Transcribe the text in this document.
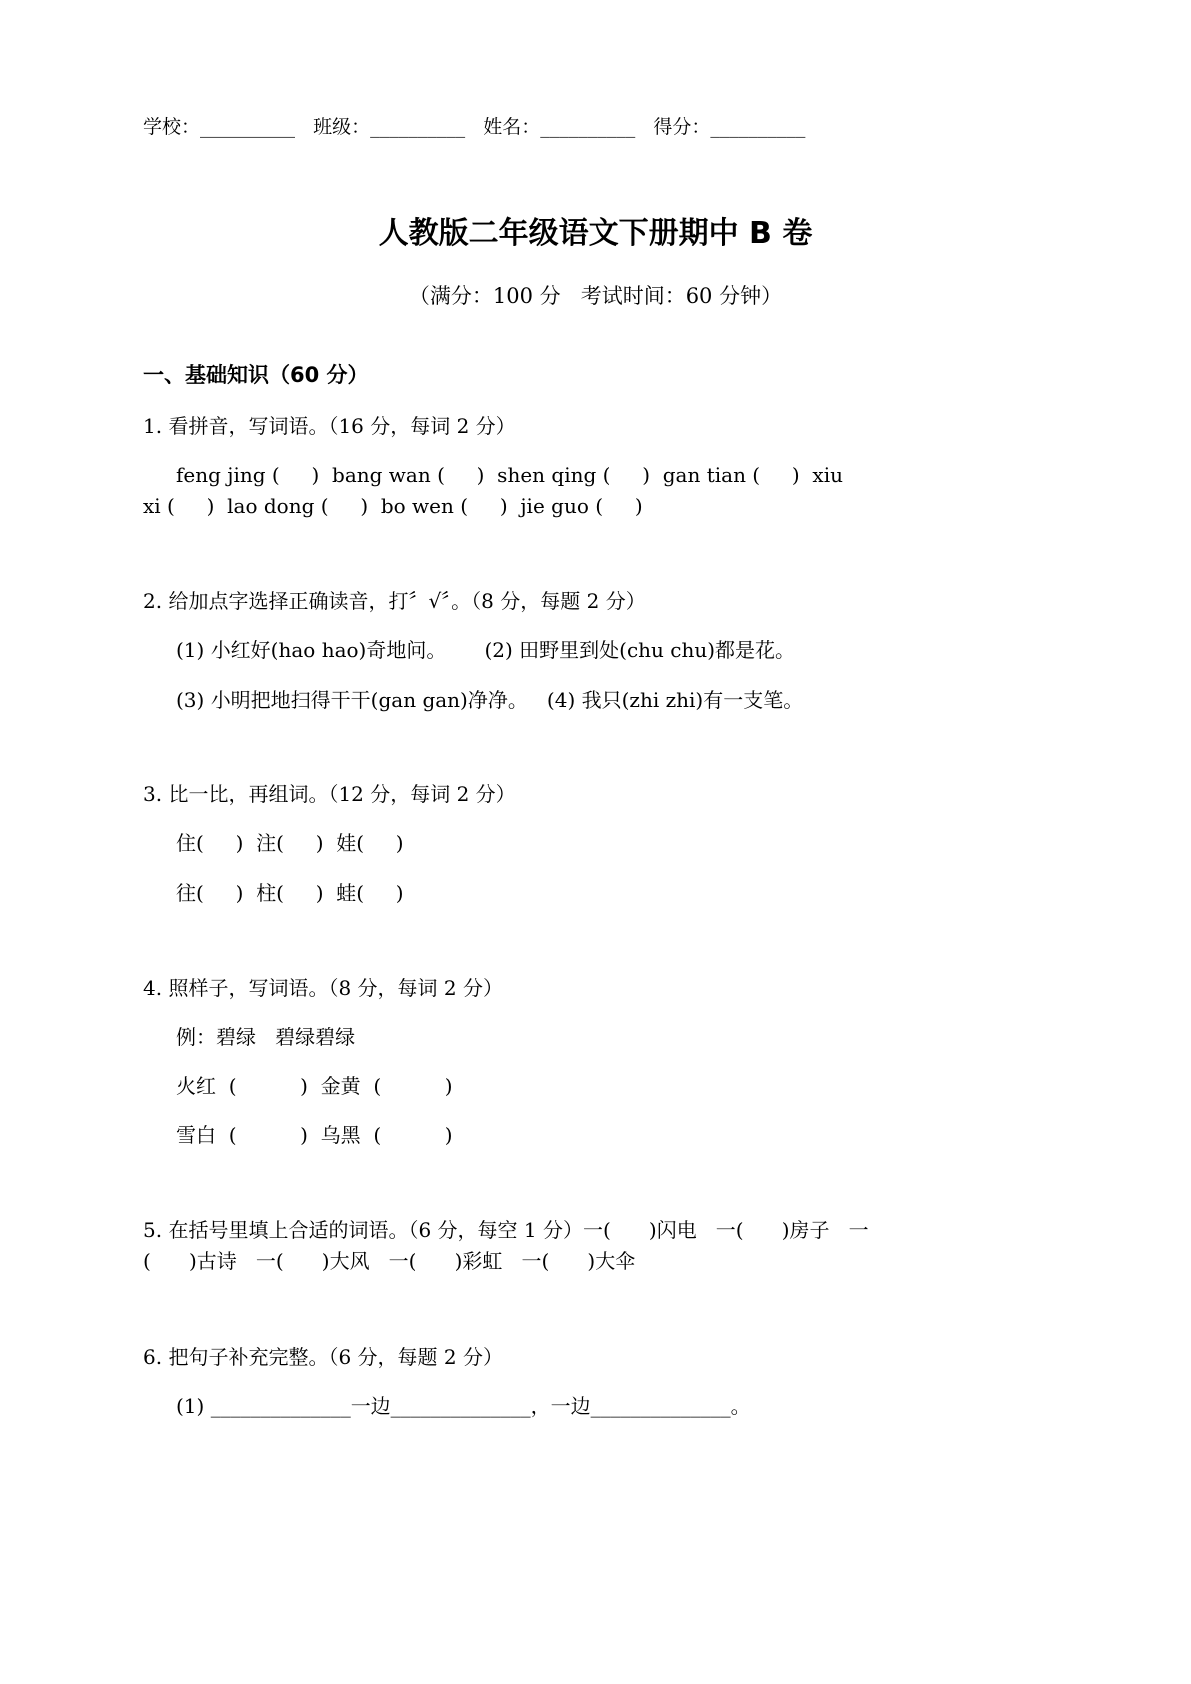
学校：__________   班级：__________   姓名：__________   得分：__________
人教版二年级语文下册期中 B 卷
（满分：100 分   考试时间：60 分钟）
一、基础知识（60 分）
1. 看拼音，写词语。（16 分，每词 2 分）
feng jing (     )  bang wan (     )  shen qing (     )  gan tian (     )  xiu
xi (     )  lao dong (     )  bo wen (     )  jie guo (     )
2. 给加点字选择正确读音，打〞√〞。（8 分，每题 2 分）
(1) 小红好(hao hao)奇地问。      (2) 田野里到处(chu chu)都是花。
(3) 小明把地扫得干干(gan gan)净净。   (4) 我只(zhi zhi)有一支笔。
3. 比一比，再组词。（12 分，每词 2 分）
住(     )  注(     )  娃(     )
往(     )  柱(     )  蛙(     )
4. 照样子，写词语。（8 分，每词 2 分）
例：碧绿   碧绿碧绿
火红  (          )  金黄  (          )
雪白  (          )  乌黑  (          )
5. 在括号里填上合适的词语。（6 分，每空 1 分）一(      )闪电   一(      )房子   一
(      )古诗   一(      )大风   一(      )彩虹   一(      )大伞
6. 把句子补充完整。（6 分，每题 2 分）
(1) ______________一边______________，一边______________。
